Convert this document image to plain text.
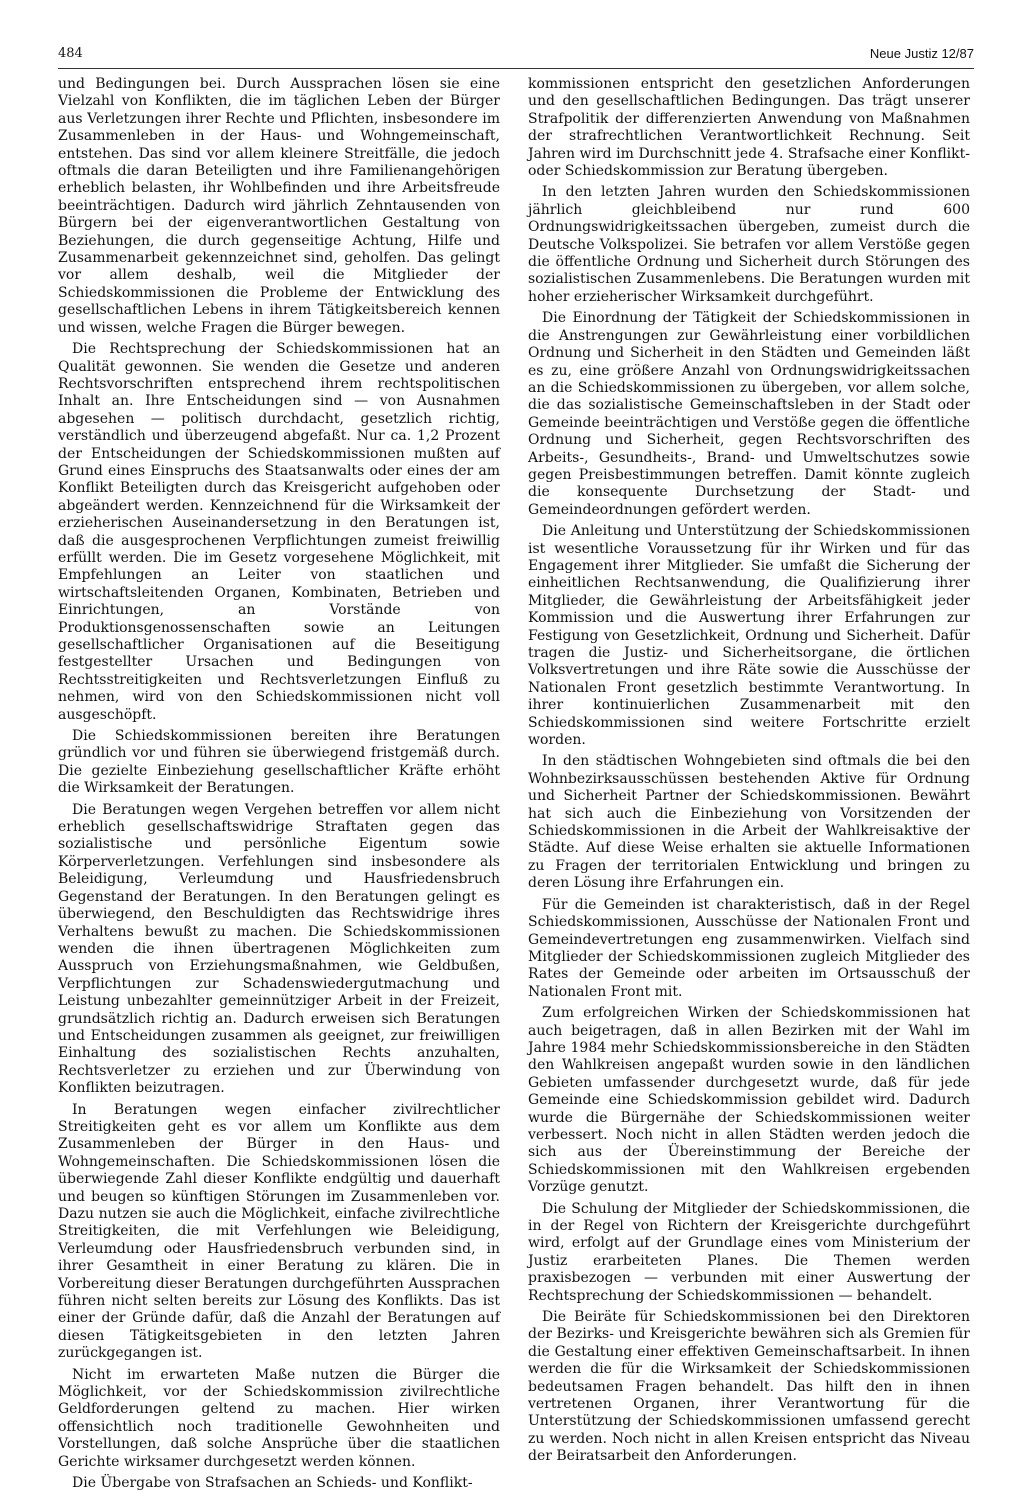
484	Neue Justiz 12/87

und Bedingungen bei. Durch Aussprachen lösen sie eine Vielzahl von Konflikten, die im täglichen Leben der Bürger aus Verletzungen ihrer Rechte und Pflichten, insbesondere im Zusammenleben in der Haus- und Wohngemeinschaft, entstehen. Das sind vor allem kleinere Streitfälle, die jedoch oftmals die daran Beteiligten und ihre Familienangehörigen erheblich belasten, ihr Wohlbefinden und ihre Arbeitsfreude beeinträchtigen. Dadurch wird jährlich Zehntausenden von Bürgern bei der eigenverantwortlichen Gestaltung von Beziehungen, die durch gegenseitige Achtung, Hilfe und Zusammenarbeit gekennzeichnet sind, geholfen. Das gelingt vor allem deshalb, weil die Mitglieder der Schiedskommissionen die Probleme der Entwicklung des gesellschaftlichen Lebens in ihrem Tätigkeitsbereich kennen und wissen, welche Fragen die Bürger bewegen.

Die Rechtsprechung der Schiedskommissionen hat an Qualität gewonnen. Sie wenden die Gesetze und anderen Rechtsvorschriften entsprechend ihrem rechtspolitischen Inhalt an. Ihre Entscheidungen sind — von Ausnahmen abgesehen — politisch durchdacht, gesetzlich richtig, verständlich und überzeugend abgefaßt. Nur ca. 1,2 Prozent der Entscheidungen der Schiedskommissionen mußten auf Grund eines Einspruchs des Staatsanwalts oder eines der am Konflikt Beteiligten durch das Kreisgericht aufgehoben oder abgeändert werden. Kennzeichnend für die Wirksamkeit der erzieherischen Auseinandersetzung in den Beratungen ist, daß die ausgesprochenen Verpflichtungen zumeist freiwillig erfüllt werden. Die im Gesetz vorgesehene Möglichkeit, mit Empfehlungen an Leiter von staatlichen und wirtschaftsleitenden Organen, Kombinaten, Betrieben und Einrichtungen, an Vorstände von Produktionsgenossenschaften sowie an Leitungen gesellschaftlicher Organisationen auf die Beseitigung festgestellter Ursachen und Bedingungen von Rechtsstreitigkeiten und Rechtsverletzungen Einfluß zu nehmen, wird von den Schiedskommissionen nicht voll ausgeschöpft.

Die Schiedskommissionen bereiten ihre Beratungen gründlich vor und führen sie überwiegend fristgemäß durch. Die gezielte Einbeziehung gesellschaftlicher Kräfte erhöht die Wirksamkeit der Beratungen.

Die Beratungen wegen Vergehen betreffen vor allem nicht erheblich gesellschaftswidrige Straftaten gegen das sozialistische und persönliche Eigentum sowie Körperverletzungen. Verfehlungen sind insbesondere als Beleidigung, Verleumdung und Hausfriedensbruch Gegenstand der Beratungen. In den Beratungen gelingt es überwiegend, den Beschuldigten das Rechtswidrige ihres Verhaltens bewußt zu machen. Die Schiedskommissionen wenden die ihnen übertragenen Möglichkeiten zum Ausspruch von Erziehungsmaßnahmen, wie Geldbußen, Verpflichtungen zur Schadenswiedergutmachung und Leistung unbezahlter gemeinnütziger Arbeit in der Freizeit, grundsätzlich richtig an. Dadurch erweisen sich Beratungen und Entscheidungen zusammen als geeignet, zur freiwilligen Einhaltung des sozialistischen Rechts anzuhalten, Rechtsverletzer zu erziehen und zur Überwindung von Konflikten beizutragen.

In Beratungen wegen einfacher zivilrechtlicher Streitigkeiten geht es vor allem um Konflikte aus dem Zusammenleben der Bürger in den Haus- und Wohngemeinschaften. Die Schiedskommissionen lösen die überwiegende Zahl dieser Konflikte endgültig und dauerhaft und beugen so künftigen Störungen im Zusammenleben vor. Dazu nutzen sie auch die Möglichkeit, einfache zivilrechtliche Streitigkeiten, die mit Verfehlungen wie Beleidigung, Verleumdung oder Hausfriedensbruch verbunden sind, in ihrer Gesamtheit in einer Beratung zu klären. Die in Vorbereitung dieser Beratungen durchgeführten Aussprachen führen nicht selten bereits zur Lösung des Konflikts. Das ist einer der Gründe dafür, daß die Anzahl der Beratungen auf diesen Tätigkeitsgebieten in den letzten Jahren zurückgegangen ist.

Nicht im erwarteten Maße nutzen die Bürger die Möglichkeit, vor der Schiedskommission zivilrechtliche Geldforderungen geltend zu machen. Hier wirken offensichtlich noch traditionelle Gewohnheiten und Vorstellungen, daß solche Ansprüche über die staatlichen Gerichte wirksamer durchgesetzt werden können.

Die Übergabe von Strafsachen an Schieds- und Konflikt-

kommissionen entspricht den gesetzlichen Anforderungen und den gesellschaftlichen Bedingungen. Das trägt unserer Strafpolitik der differenzierten Anwendung von Maßnahmen der strafrechtlichen Verantwortlichkeit Rechnung. Seit Jahren wird im Durchschnitt jede 4. Strafsache einer Konflikt- oder Schiedskommission zur Beratung übergeben.

In den letzten Jahren wurden den Schiedskommissionen jährlich gleichbleibend nur rund 600 Ordnungswidrigkeitssachen übergeben, zumeist durch die Deutsche Volkspolizei. Sie betrafen vor allem Verstöße gegen die öffentliche Ordnung und Sicherheit durch Störungen des sozialistischen Zusammenlebens. Die Beratungen wurden mit hoher erzieherischer Wirksamkeit durchgeführt.

Die Einordnung der Tätigkeit der Schiedskommissionen in die Anstrengungen zur Gewährleistung einer vorbildlichen Ordnung und Sicherheit in den Städten und Gemeinden läßt es zu, eine größere Anzahl von Ordnungswidrigkeitssachen an die Schiedskommissionen zu übergeben, vor allem solche, die das sozialistische Gemeinschaftsleben in der Stadt oder Gemeinde beeinträchtigen und Verstöße gegen die öffentliche Ordnung und Sicherheit, gegen Rechtsvorschriften des Arbeits-, Gesundheits-, Brand- und Umweltschutzes sowie gegen Preisbestimmungen betreffen. Damit könnte zugleich die konsequente Durchsetzung der Stadt- und Gemeindeordnungen gefördert werden.

Die Anleitung und Unterstützung der Schiedskommissionen ist wesentliche Voraussetzung für ihr Wirken und für das Engagement ihrer Mitglieder. Sie umfaßt die Sicherung der einheitlichen Rechtsanwendung, die Qualifizierung ihrer Mitglieder, die Gewährleistung der Arbeitsfähigkeit jeder Kommission und die Auswertung ihrer Erfahrungen zur Festigung von Gesetzlichkeit, Ordnung und Sicherheit. Dafür tragen die Justiz- und Sicherheitsorgane, die örtlichen Volksvertretungen und ihre Räte sowie die Ausschüsse der Nationalen Front gesetzlich bestimmte Verantwortung. In ihrer kontinuierlichen Zusammenarbeit mit den Schiedskommissionen sind weitere Fortschritte erzielt worden.

In den städtischen Wohngebieten sind oftmals die bei den Wohnbezirksausschüssen bestehenden Aktive für Ordnung und Sicherheit Partner der Schiedskommissionen. Bewährt hat sich auch die Einbeziehung von Vorsitzenden der Schiedskommissionen in die Arbeit der Wahlkreisaktive der Städte. Auf diese Weise erhalten sie aktuelle Informationen zu Fragen der territorialen Entwicklung und bringen zu deren Lösung ihre Erfahrungen ein.

Für die Gemeinden ist charakteristisch, daß in der Regel Schiedskommissionen, Ausschüsse der Nationalen Front und Gemeindevertretungen eng zusammenwirken. Vielfach sind Mitglieder der Schiedskommissionen zugleich Mitglieder des Rates der Gemeinde oder arbeiten im Ortsausschuß der Nationalen Front mit.

Zum erfolgreichen Wirken der Schiedskommissionen hat auch beigetragen, daß in allen Bezirken mit der Wahl im Jahre 1984 mehr Schiedskommissionsbereiche in den Städten den Wahlkreisen angepaßt wurden sowie in den ländlichen Gebieten umfassender durchgesetzt wurde, daß für jede Gemeinde eine Schiedskommission gebildet wird. Dadurch wurde die Bürgernähe der Schiedskommissionen weiter verbessert. Noch nicht in allen Städten werden jedoch die sich aus der Übereinstimmung der Bereiche der Schiedskommissionen mit den Wahlkreisen ergebenden Vorzüge genutzt.

Die Schulung der Mitglieder der Schiedskommissionen, die in der Regel von Richtern der Kreisgerichte durchgeführt wird, erfolgt auf der Grundlage eines vom Ministerium der Justiz erarbeiteten Planes. Die Themen werden praxisbezogen — verbunden mit einer Auswertung der Rechtsprechung der Schiedskommissionen — behandelt.

Die Beiräte für Schiedskommissionen bei den Direktoren der Bezirks- und Kreisgerichte bewähren sich als Gremien für die Gestaltung einer effektiven Gemeinschaftsarbeit. In ihnen werden die für die Wirksamkeit der Schiedskommissionen bedeutsamen Fragen behandelt. Das hilft den in ihnen vertretenen Organen, ihrer Verantwortung für die Unterstützung der Schiedskommissionen umfassend gerecht zu werden. Noch nicht in allen Kreisen entspricht das Niveau der Beiratsarbeit den Anforderungen.
